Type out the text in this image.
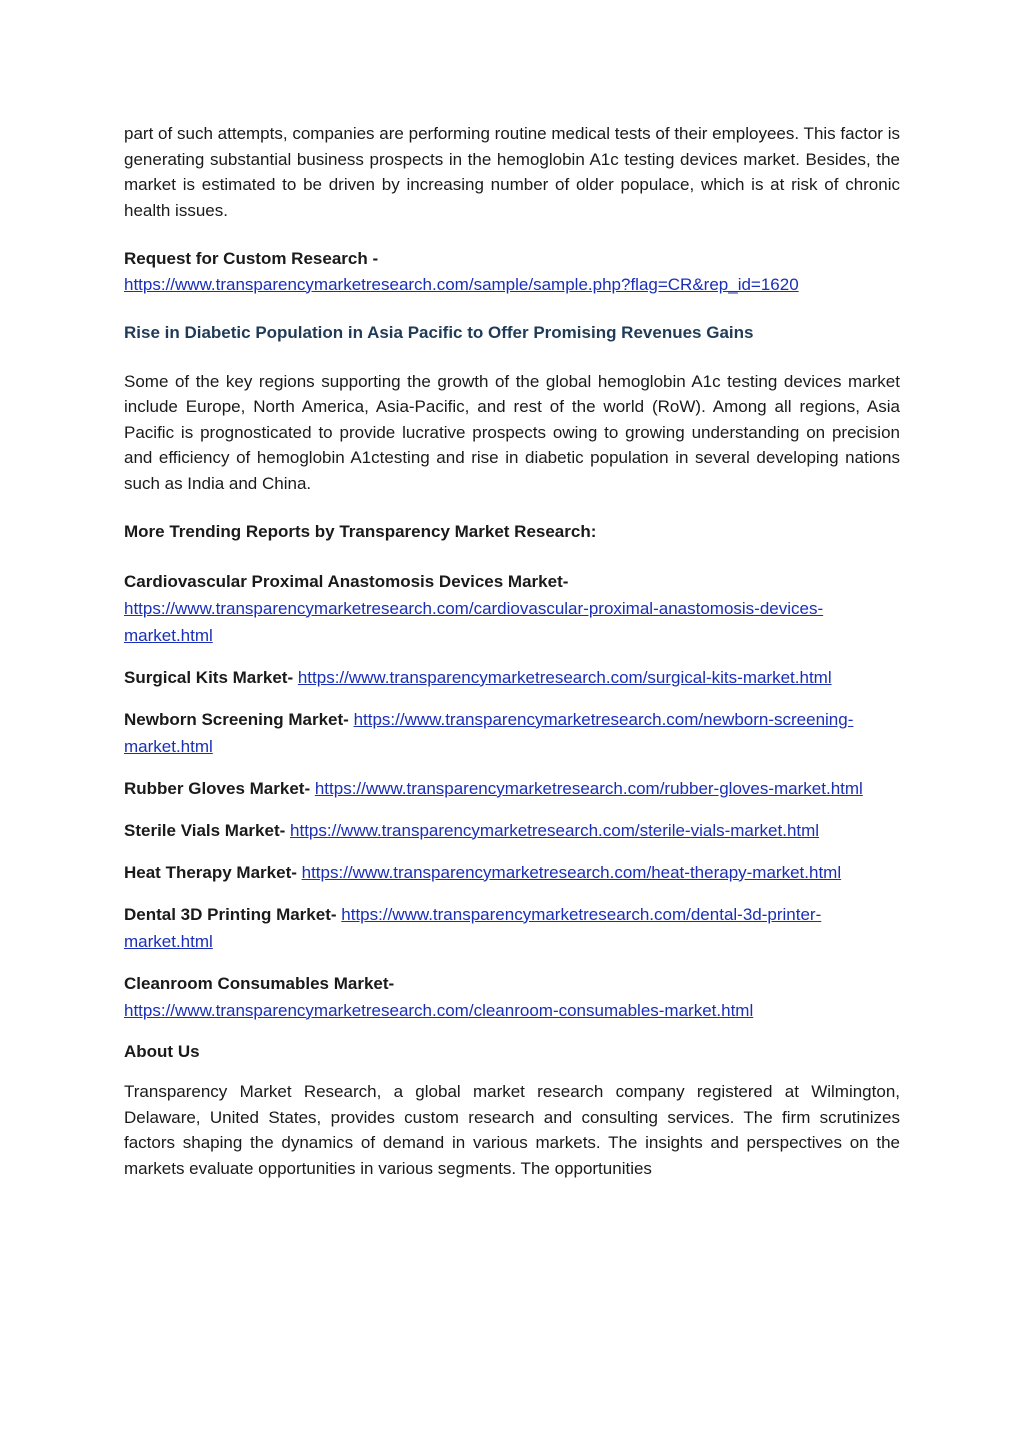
part of such attempts, companies are performing routine medical tests of their employees. This factor is generating substantial business prospects in the hemoglobin A1c testing devices market. Besides, the market is estimated to be driven by increasing number of older populace, which is at risk of chronic health issues.

Request for Custom Research -
https://www.transparencymarketresearch.com/sample/sample.php?flag=CR&rep_id=1620

Rise in Diabetic Population in Asia Pacific to Offer Promising Revenues Gains

Some of the key regions supporting the growth of the global hemoglobin A1c testing devices market include Europe, North America, Asia-Pacific, and rest of the world (RoW). Among all regions, Asia Pacific is prognosticated to provide lucrative prospects owing to growing understanding on precision and efficiency of hemoglobin A1ctesting and rise in diabetic population in several developing nations such as India and China.

More Trending Reports by Transparency Market Research:

Cardiovascular Proximal Anastomosis Devices Market-
https://www.transparencymarketresearch.com/cardiovascular-proximal-anastomosis-devices-market.html

Surgical Kits Market- https://www.transparencymarketresearch.com/surgical-kits-market.html

Newborn Screening Market- https://www.transparencymarketresearch.com/newborn-screening-market.html

Rubber Gloves Market- https://www.transparencymarketresearch.com/rubber-gloves-market.html

Sterile Vials Market- https://www.transparencymarketresearch.com/sterile-vials-market.html

Heat Therapy Market- https://www.transparencymarketresearch.com/heat-therapy-market.html

Dental 3D Printing Market- https://www.transparencymarketresearch.com/dental-3d-printer-market.html

Cleanroom Consumables Market-
https://www.transparencymarketresearch.com/cleanroom-consumables-market.html

About Us

Transparency Market Research, a global market research company registered at Wilmington, Delaware, United States, provides custom research and consulting services. The firm scrutinizes factors shaping the dynamics of demand in various markets. The insights and perspectives on the markets evaluate opportunities in various segments. The opportunities
